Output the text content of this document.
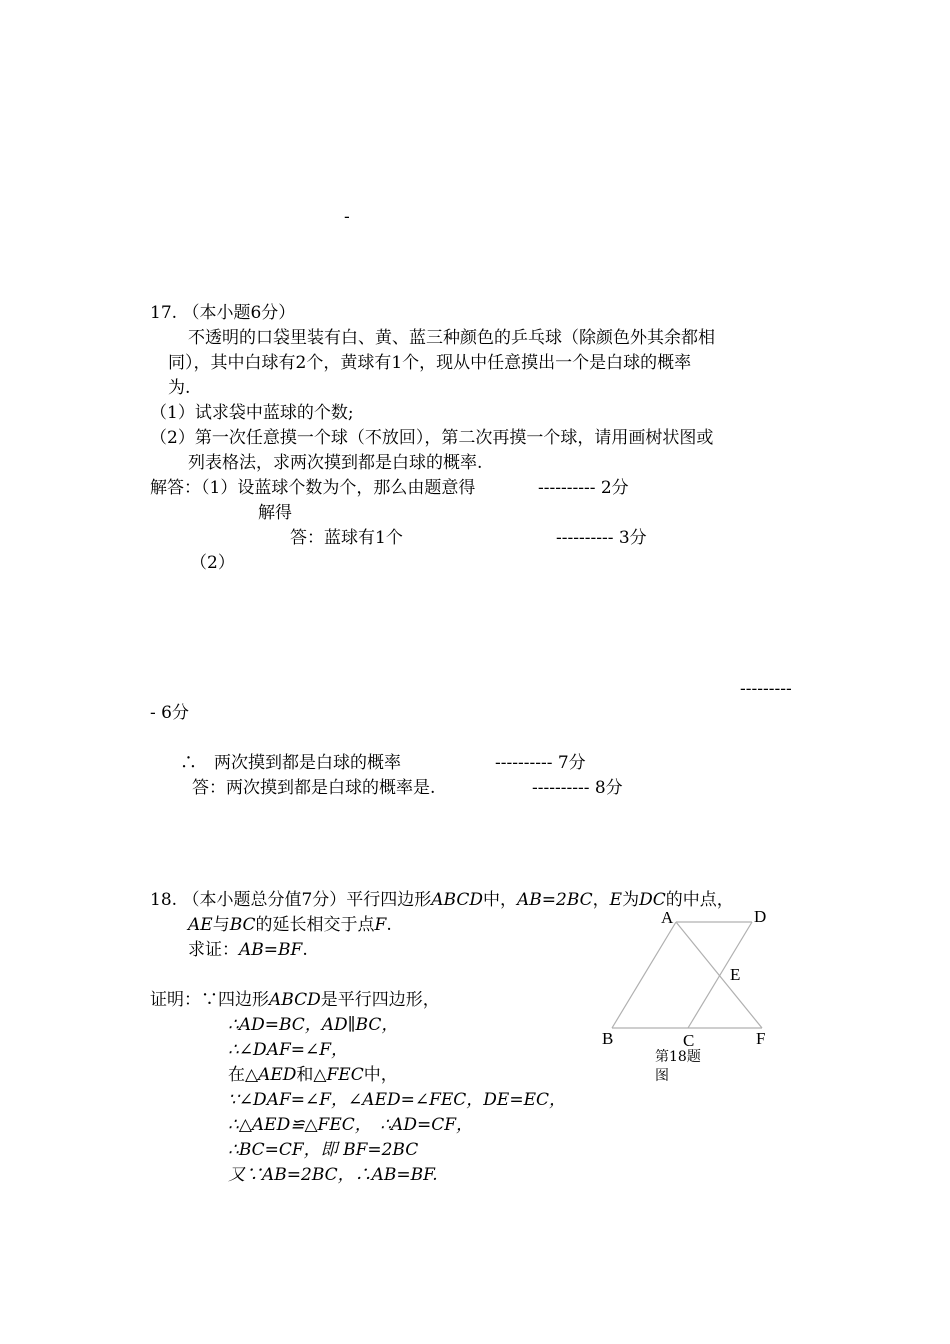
-
17. （本小题6分）
不透明的口袋里装有白、黄、蓝三种颜色的乒乓球（除颜色外其余都相
同），其中白球有2个，黄球有1个，现从中任意摸出一个是白球的概率
为.
（1）试求袋中蓝球的个数;
（2）第一次任意摸一个球（不放回），第二次再摸一个球，请用画树状图或
列表格法，求两次摸到都是白球的概率.
解答：（1）设蓝球个数为个，那么由题意得	---------- 2分
解得
答：蓝球有1个	---------- 3分
（2）
---------
- 6分
∴　两次摸到都是白球的概率	---------- 7分
答：两次摸到都是白球的概率是.	---------- 8分
18. （本小题总分值7分）平行四边形ABCD中，AB=2BC，E为DC的中点，
AE与BC的延长相交于点F.
求证：AB=BF.
证明：∵四边形ABCD是平行四边形，
∴AD=BC，AD∥BC，
∴∠DAF=∠F，
在△AED和△FEC中，
∵∠DAF=∠F，∠AED=∠FEC，DE=EC，
∴△AED≌△FEC，　∴AD=CF，
∴BC=CF，即 BF=2BC
又∵AB=2BC，∴AB=BF.
A	D
E
B	C	F
第18题
图
